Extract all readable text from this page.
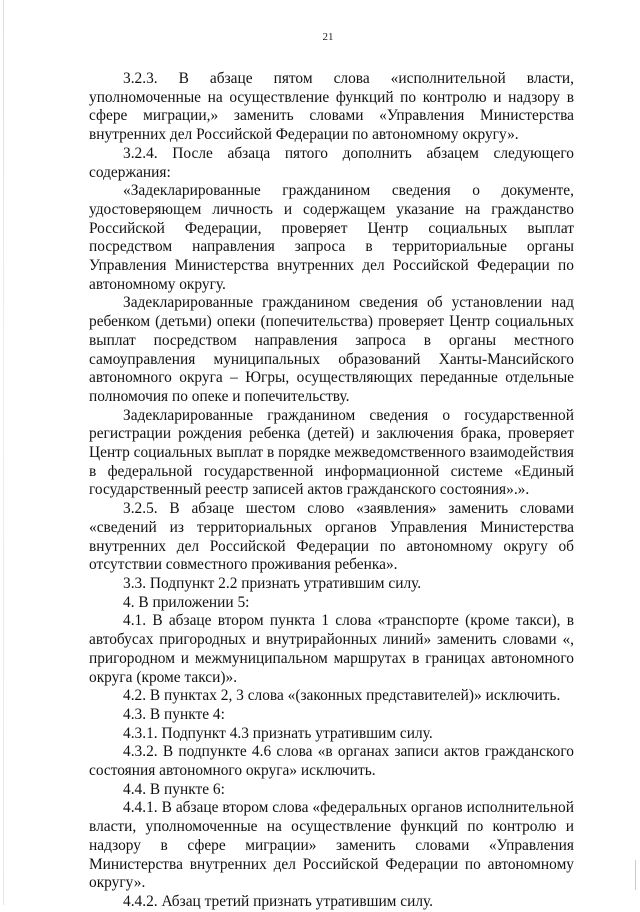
21

3.2.3. В абзаце пятом слова «исполнительной власти, уполномоченные на осуществление функций по контролю и надзору в сфере миграции,» заменить словами «Управления Министерства внутренних дел Российской Федерации по автономному округу».

3.2.4. После абзаца пятого дополнить абзацем следующего содержания:

«Задекларированные гражданином сведения о документе, удостоверяющем личность и содержащем указание на гражданство Российской Федерации, проверяет Центр социальных выплат посредством направления запроса в территориальные органы Управления Министерства внутренних дел Российской Федерации по автономному округу.

Задекларированные гражданином сведения об установлении над ребенком (детьми) опеки (попечительства) проверяет Центр социальных выплат посредством направления запроса в органы местного самоуправления муниципальных образований Ханты-Мансийского автономного округа – Югры, осуществляющих переданные отдельные полномочия по опеке и попечительству.

Задекларированные гражданином сведения о государственной регистрации рождения ребенка (детей) и заключения брака, проверяет Центр социальных выплат в порядке межведомственного взаимодействия в федеральной государственной информационной системе «Единый государственный реестр записей актов гражданского состояния».».

3.2.5. В абзаце шестом слово «заявления» заменить словами «сведений из территориальных органов Управления Министерства внутренних дел Российской Федерации по автономному округу об отсутствии совместного проживания ребенка».

3.3. Подпункт 2.2 признать утратившим силу.

4. В приложении 5:

4.1. В абзаце втором пункта 1 слова «транспорте (кроме такси), в автобусах пригородных и внутрирайонных линий» заменить словами «, пригородном и межмуниципальном маршрутах в границах автономного округа (кроме такси)».

4.2. В пунктах 2, 3 слова «(законных представителей)» исключить.

4.3. В пункте 4:

4.3.1. Подпункт 4.3 признать утратившим силу.

4.3.2. В подпункте 4.6 слова «в органах записи актов гражданского состояния автономного округа» исключить.

4.4. В пункте 6:

4.4.1. В абзаце втором слова «федеральных органов исполнительной власти, уполномоченные на осуществление функций по контролю и надзору в сфере миграции» заменить словами «Управления Министерства внутренних дел Российской Федерации по автономному округу».

4.4.2. Абзац третий признать утратившим силу.
